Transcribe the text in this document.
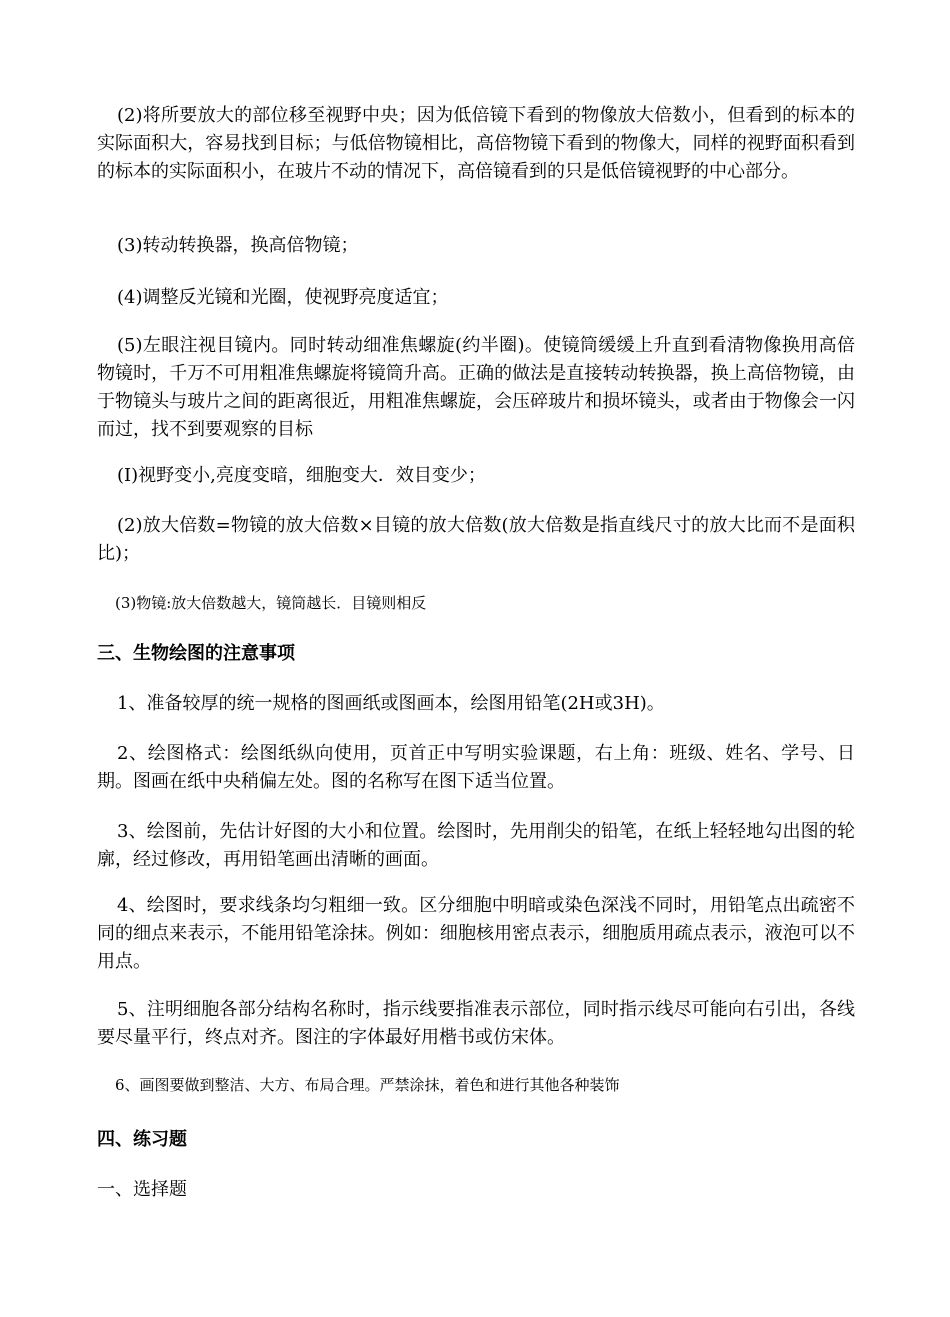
(2)将所要放大的部位移至视野中央；因为低倍镜下看到的物像放大倍数小，但看到的标本的实际面积大，容易找到目标；与低倍物镜相比，高倍物镜下看到的物像大，同样的视野面积看到的标本的实际面积小，在玻片不动的情况下，高倍镜看到的只是低倍镜视野的中心部分。
(3)转动转换器，换高倍物镜；
(4)调整反光镜和光圈，使视野亮度适宜；
(5)左眼注视目镜内。同时转动细准焦螺旋(约半圈)。使镜筒缓缓上升直到看清物像换用高倍物镜时，千万不可用粗准焦螺旋将镜筒升高。正确的做法是直接转动转换器，换上高倍物镜，由于物镜头与玻片之间的距离很近，用粗准焦螺旋，会压碎玻片和损坏镜头，或者由于物像会一闪而过，找不到要观察的目标
(I)视野变小,亮度变暗，细胞变大．效目变少；
(2)放大倍数=物镜的放大倍数×目镜的放大倍数(放大倍数是指直线尺寸的放大比而不是面积比)；
(3)物镜:放大倍数越大，镜筒越长．目镜则相反
三、生物绘图的注意事项
1、准备较厚的统一规格的图画纸或图画本，绘图用铅笔(2H或3H)。
2、绘图格式：绘图纸纵向使用，页首正中写明实验课题，右上角：班级、姓名、学号、日期。图画在纸中央稍偏左处。图的名称写在图下适当位置。
3、绘图前，先估计好图的大小和位置。绘图时，先用削尖的铅笔，在纸上轻轻地勾出图的轮廓，经过修改，再用铅笔画出清晰的画面。
4、绘图时，要求线条均匀粗细一致。区分细胞中明暗或染色深浅不同时，用铅笔点出疏密不同的细点来表示，不能用铅笔涂抹。例如：细胞核用密点表示，细胞质用疏点表示，液泡可以不用点。
5、注明细胞各部分结构名称时，指示线要指准表示部位，同时指示线尽可能向右引出，各线要尽量平行，终点对齐。图注的字体最好用楷书或仿宋体。
6、画图要做到整洁、大方、布局合理。严禁涂抹，着色和进行其他各种装饰
四、练习题
一、选择题
